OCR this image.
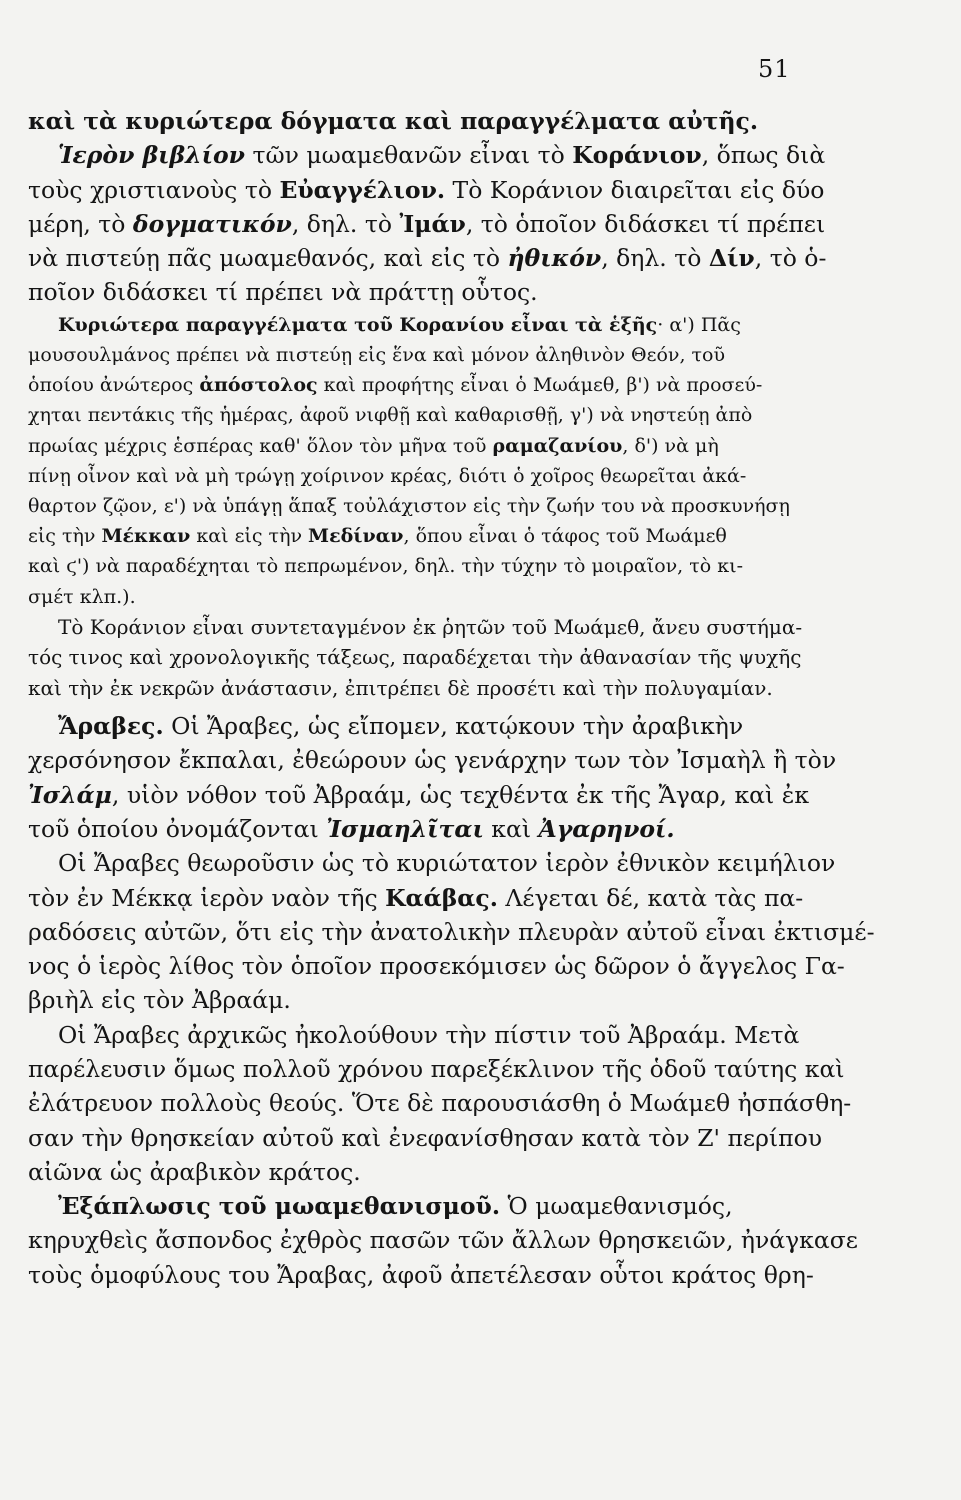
51
καὶ τὰ κυριώτερα δόγματα καὶ παραγγέλματα αὐτῆς.
Ἱερὸν βιβλίον τῶν μωαμεθανῶν εἶναι τὸ Κοράνιον, ὅπως διὰ
τοὺς χριστιανοὺς τὸ Εὐαγγέλιον. Τὸ Κοράνιον διαιρεῖται εἰς δύο
μέρη, τὸ δογματικόν, δηλ. τὸ Ἰμάν, τὸ ὁποῖον διδάσκει τί πρέπει
νὰ πιστεύῃ πᾶς μωαμεθανός, καὶ εἰς τὸ ἠθικόν, δηλ. τὸ Δίν, τὸ ὁ-
ποῖον διδάσκει τί πρέπει νὰ πράττῃ οὗτος.
Κυριώτερα παραγγέλματα τοῦ Κορανίου εἶναι τὰ ἑξῆς· α') Πᾶς
μουσουλμάνος πρέπει νὰ πιστεύῃ εἰς ἕνα καὶ μόνον ἀληθινὸν Θεόν, τοῦ
ὁποίου ἀνώτερος ἀπόστολος καὶ προφήτης εἶναι ὁ Μωάμεθ, β') νὰ προσεύ-
χηται πεντάκις τῆς ἡμέρας, ἀφοῦ νιφθῇ καὶ καθαρισθῇ, γ') νὰ νηστεύῃ ἀπὸ
πρωίας μέχρις ἑσπέρας καθ' ὅλον τὸν μῆνα τοῦ ραμαζανίου, δ') νὰ μὴ
πίνῃ οἶνον καὶ νὰ μὴ τρώγῃ χοίρινον κρέας, διότι ὁ χοῖρος θεωρεῖται ἀκά-
θαρτον ζῷον, ε') νὰ ὑπάγῃ ἅπαξ τοὐλάχιστον εἰς τὴν ζωήν του νὰ προσκυνήσῃ
εἰς τὴν Μέκκαν καὶ εἰς τὴν Μεδίναν, ὅπου εἶναι ὁ τάφος τοῦ Μωάμεθ
καὶ ϛ') νὰ παραδέχηται τὸ πεπρωμένον, δηλ. τὴν τύχην τὸ μοιραῖον, τὸ κι-
σμέτ κλπ.).
Τὸ Κοράνιον εἶναι συντεταγμένον ἐκ ῥητῶν τοῦ Μωάμεθ, ἄνευ συστήμα-
τός τινος καὶ χρονολογικῆς τάξεως, παραδέχεται τὴν ἀθανασίαν τῆς ψυχῆς
καὶ τὴν ἐκ νεκρῶν ἀνάστασιν, ἐπιτρέπει δὲ προσέτι καὶ τὴν πολυγαμίαν.
Ἄραβες. Οἱ Ἄραβες, ὡς εἴπομεν, κατῴκουν τὴν ἀραβικὴν
χερσόνησον ἔκπαλαι, ἐθεώρουν ὡς γενάρχην των τὸν Ἰσμαὴλ ἢ τὸν
Ἰσλάμ, υἱὸν νόθον τοῦ Ἀβραάμ, ὡς τεχθέντα ἐκ τῆς Ἄγαρ, καὶ ἐκ
τοῦ ὁποίου ὀνομάζονται Ἰσμαηλῖται καὶ Ἀγαρηνοί.
Οἱ Ἄραβες θεωροῦσιν ὡς τὸ κυριώτατον ἱερὸν ἐθνικὸν κειμήλιον
τὸν ἐν Μέκκᾳ ἱερὸν ναὸν τῆς Καάβας. Λέγεται δέ, κατὰ τὰς πα-
ραδόσεις αὐτῶν, ὅτι εἰς τὴν ἀνατολικὴν πλευρὰν αὐτοῦ εἶναι ἐκτισμέ-
νος ὁ ἱερὸς λίθος τὸν ὁποῖον προσεκόμισεν ὡς δῶρον ὁ ἄγγελος Γα-
βριὴλ εἰς τὸν Ἀβραάμ.
Οἱ Ἄραβες ἀρχικῶς ἠκολούθουν τὴν πίστιν τοῦ Ἀβραάμ. Μετὰ
παρέλευσιν ὅμως πολλοῦ χρόνου παρεξέκλινον τῆς ὁδοῦ ταύτης καὶ
ἐλάτρευον πολλοὺς θεούς. Ὅτε δὲ παρουσιάσθη ὁ Μωάμεθ ἠσπάσθη-
σαν τὴν θρησκείαν αὐτοῦ καὶ ἐνεφανίσθησαν κατὰ τὸν Ζ' περίπου
αἰῶνα ὡς ἀραβικὸν κράτος.
Ἐξάπλωσις τοῦ μωαμεθανισμοῦ. Ὁ μωαμεθανισμός,
κηρυχθεὶς ἄσπονδος ἐχθρὸς πασῶν τῶν ἄλλων θρησκειῶν, ἠνάγκασε
τοὺς ὁμοφύλους του Ἄραβας, ἀφοῦ ἀπετέλεσαν οὗτοι κράτος θρη-
